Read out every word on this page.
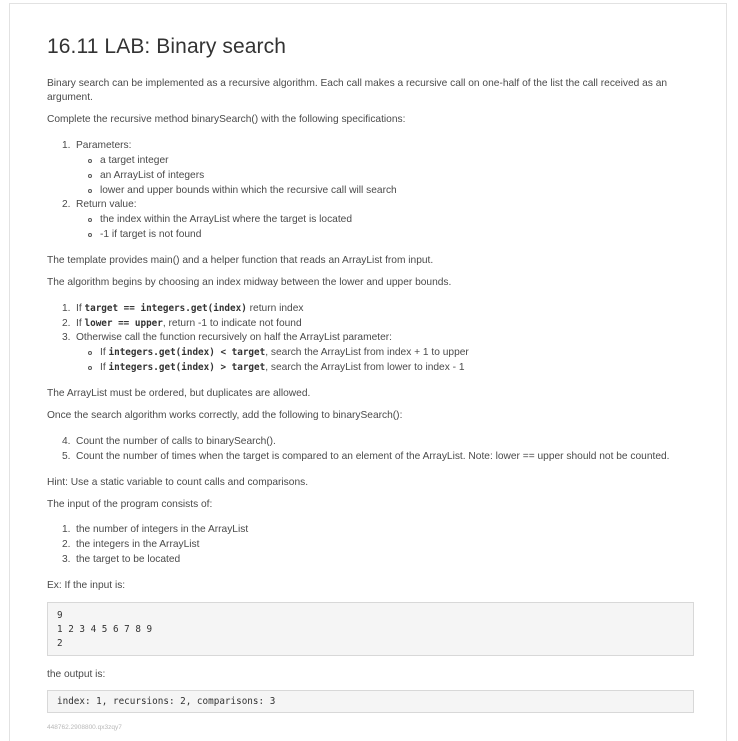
16.11 LAB: Binary search
Binary search can be implemented as a recursive algorithm. Each call makes a recursive call on one-half of the list the call received as an argument.
Complete the recursive method binarySearch() with the following specifications:
1. Parameters:
a target integer
an ArrayList of integers
lower and upper bounds within which the recursive call will search
2. Return value:
the index within the ArrayList where the target is located
-1 if target is not found
The template provides main() and a helper function that reads an ArrayList from input.
The algorithm begins by choosing an index midway between the lower and upper bounds.
1. If target == integers.get(index) return index
2. If lower == upper, return -1 to indicate not found
3. Otherwise call the function recursively on half the ArrayList parameter:
If integers.get(index) < target, search the ArrayList from index + 1 to upper
If integers.get(index) > target, search the ArrayList from lower to index - 1
The ArrayList must be ordered, but duplicates are allowed.
Once the search algorithm works correctly, add the following to binarySearch():
4. Count the number of calls to binarySearch().
5. Count the number of times when the target is compared to an element of the ArrayList. Note: lower == upper should not be counted.
Hint: Use a static variable to count calls and comparisons.
The input of the program consists of:
1. the number of integers in the ArrayList
2. the integers in the ArrayList
3. the target to be located
Ex: If the input is:
9
1 2 3 4 5 6 7 8 9
2
the output is:
index: 1, recursions: 2, comparisons: 3
448762.2908800.qx3zqy7
